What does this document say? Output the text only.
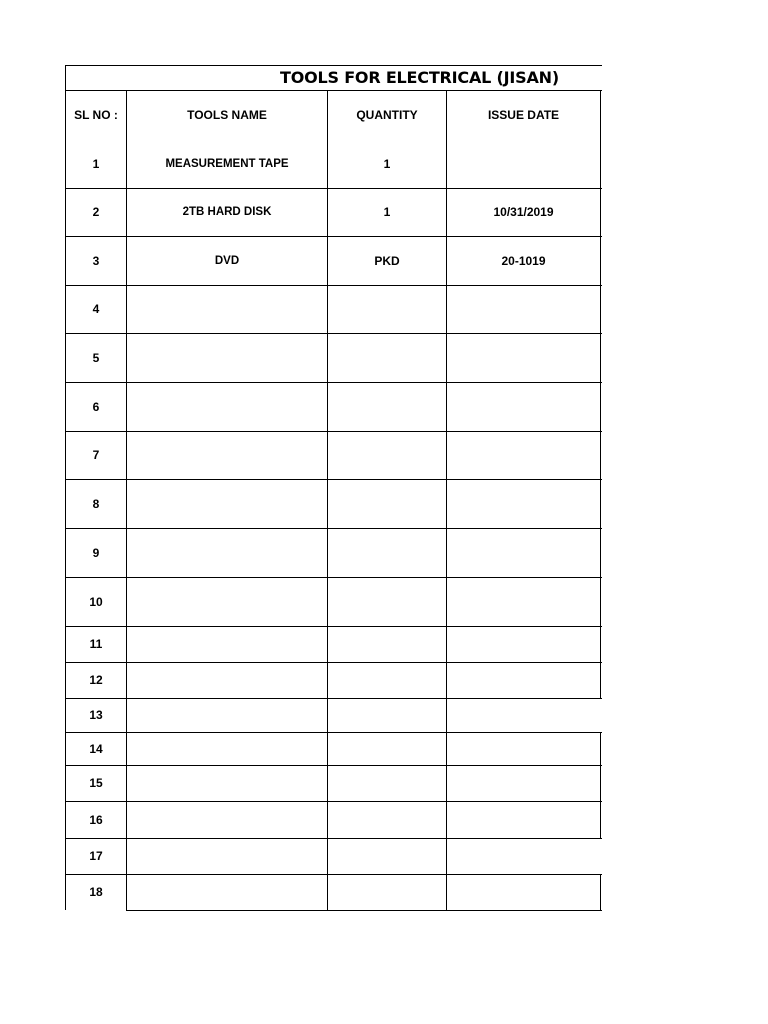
TOOLS FOR ELECTRICAL (JISAN)
SL NO :	TOOLS NAME	QUANTITY	ISSUE DATE
1	MEASUREMENT TAPE	1
2	2TB HARD DISK	1	10/31/2019
3	DVD	PKD	20-1019
4
5
6
7
8
9
10
11
12
13
14
15
16
17
18
